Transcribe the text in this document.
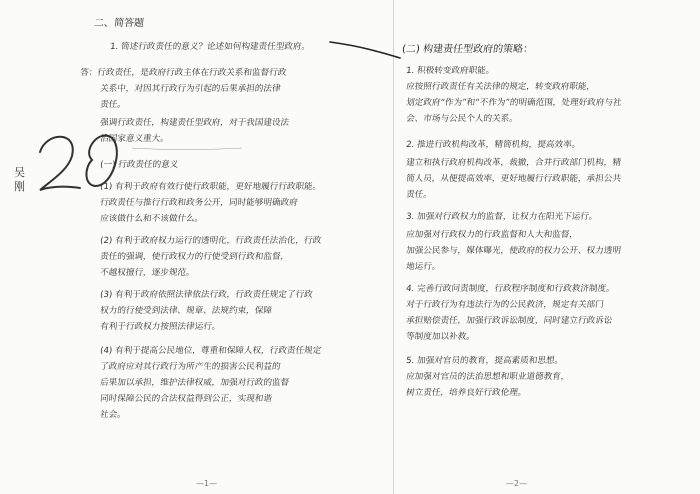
吴刚
二、简答题
1. 简述行政责任的意义？论述如何构建责任型政府。
答：行政责任，是政府行政主体在行政关系和监督行政
关系中，对因其行政行为引起的后果承担的法律
责任。
强调行政责任，构建责任型政府，对于我国建设法
治国家意义重大。
(一) 行政责任的意义
(1) 有利于政府有效行使行政职能，更好地履行行政职能。
行政责任与推行行政和政务公开，同时能够明确政府
应该做什么和不该做什么。
(2) 有利于政府权力运行的透明化，行政责任法治化，行政
责任的强调，使行政权力的行使受到行政和监督，
不越权擅行，逐步规范。
(3) 有利于政府依照法律依法行政，行政责任规定了行政
权力的行使受到法律、规章、法规约束，保障
有利于行政权力按照法律运行。
(4) 有利于提高公民地位，尊重和保障人权，行政责任规定
了政府应对其行政行为所产生的损害公民利益的
后果加以承担，维护法律权威，加强对行政的监督
同时保障公民的合法权益得到公正，实现和谐
社会。
—1—
(二) 构建责任型政府的策略：
1. 积极转变政府职能。
应按照行政责任有关法律的规定，转变政府职能，
划定政府“作为”和“不作为”的明确范围，处理好政府与社
会、市场与公民个人的关系。
2. 推进行政机构改革，精简机构，提高效率。
建立和执行政府机构改革，裁撤，合并行政部门机构，精
简人员，从便提高效率，更好地履行行政职能，承担公共
责任。
3. 加强对行政权力的监督，让权力在阳光下运行。
应加强对行政权力的行政监督和人大和监督，
加强公民参与，媒体曝光，使政府的权力公开、权力透明
地运行。
4. 完善行政问责制度，行政程序制度和行政救济制度。
对于行政行为有违法行为的公民救济，规定有关部门
承担赔偿责任，加强行政诉讼制度，同时建立行政诉讼
等制度加以补救。
5. 加强对官员的教育，提高素质和思想。
应加强对官员的法治思想和职业道德教育，
树立责任，培养良好行政伦理。
—2—
